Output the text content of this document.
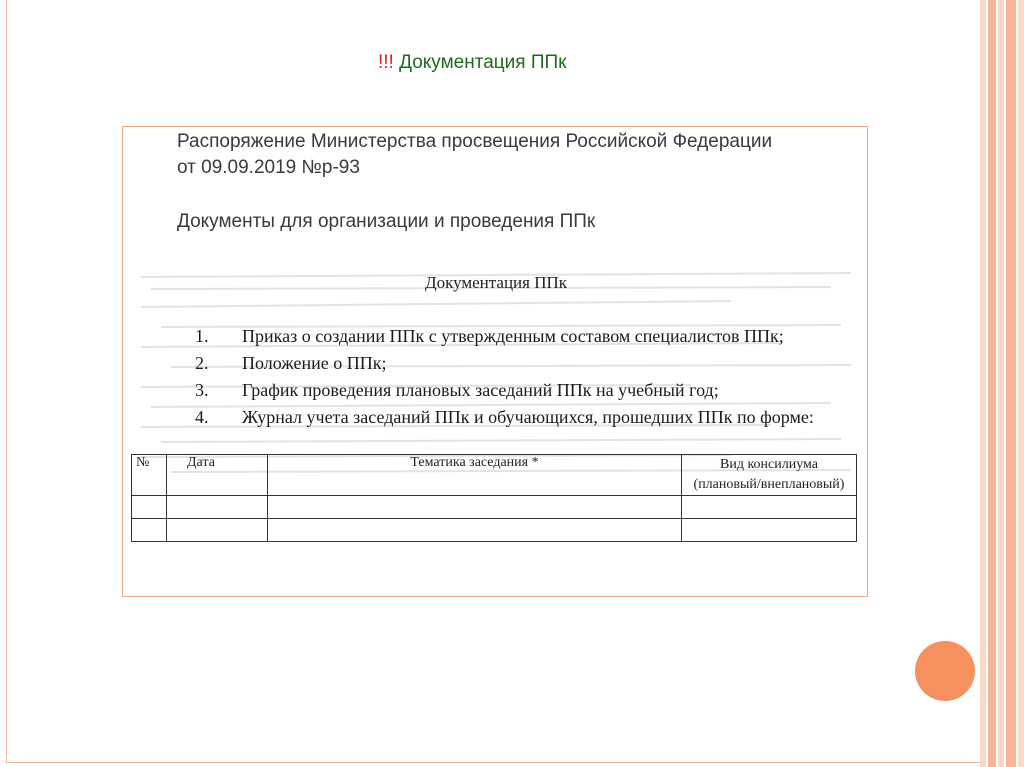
!!! Документация ППк
Распоряжение Министерства просвещения Российской Федерации
от 09.09.2019 №р-93
Документы для организации и проведения ППк
Документация ППк
1. Приказ о создании ППк с утвержденным составом специалистов ППк;
2. Положение о ППк;
3. График проведения плановых заседаний ППк на учебный год;
4. Журнал учета заседаний ППк и обучающихся, прошедших ППк по форме:
№	Дата	Тематика заседания *	Вид консилиума
(плановый/внеплановый)
